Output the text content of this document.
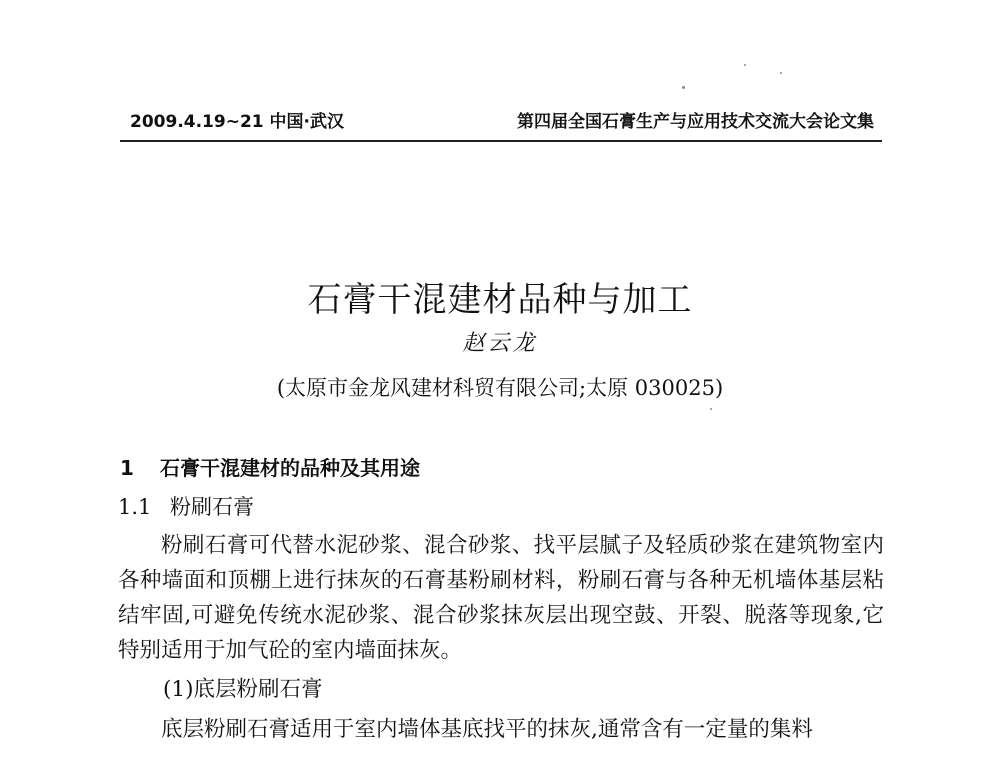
2009.4.19~21 中国·武汉	第四届全国石膏生产与应用技术交流大会论文集
石膏干混建材品种与加工
赵云龙
(太原市金龙风建材科贸有限公司;太原 030025)
1 石膏干混建材的品种及其用途
1.1 粉刷石膏

粉刷石膏可代替水泥砂浆、混合砂浆、找平层腻子及轻质砂浆在建筑物室内各种墙面和顶棚上进行抹灰的石膏基粉刷材料，粉刷石膏与各种无机墙体基层粘结牢固,可避免传统水泥砂浆、混合砂浆抹灰层出现空鼓、开裂、脱落等现象,它特别适用于加气砼的室内墙面抹灰。

(1)底层粉刷石膏

底层粉刷石膏适用于室内墙体基底找平的抹灰,通常含有一定量的集料
